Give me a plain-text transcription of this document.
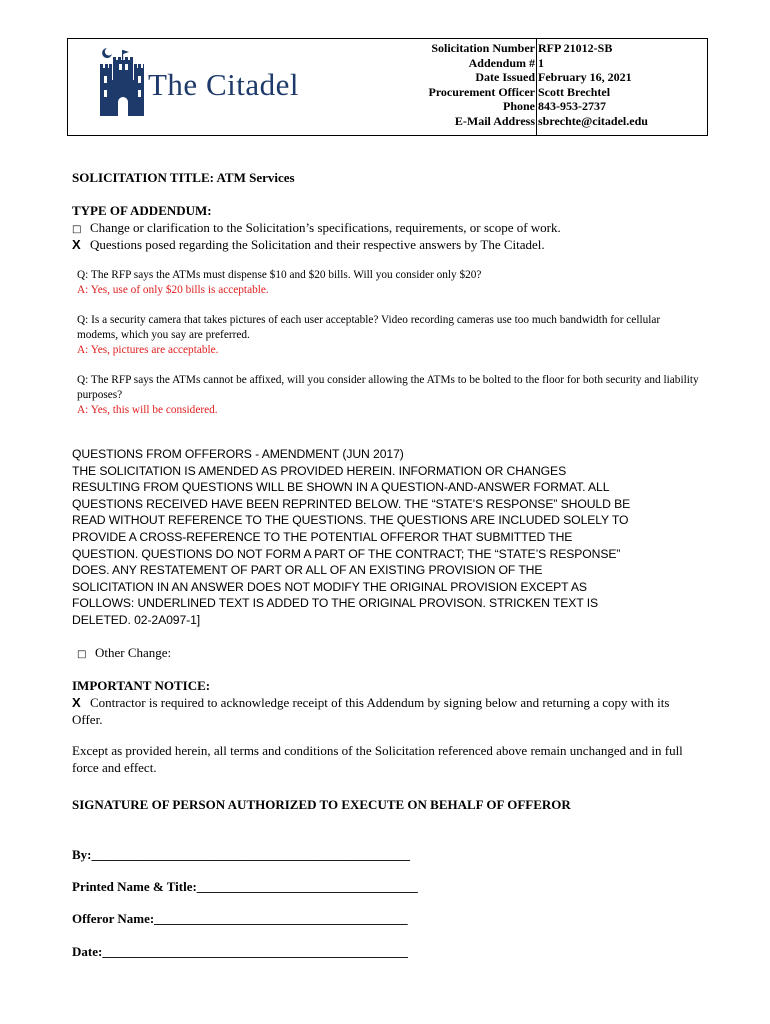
The Citadel
Solicitation Number
Addendum #
Date Issued
Procurement Officer
Phone
E-Mail Address
RFP 21012-SB
1
February 16, 2021
Scott Brechtel
843-953-2737
sbrechte@citadel.edu
SOLICITATION TITLE: ATM Services
TYPE OF ADDENDUM:
□ Change or clarification to the Solicitation’s specifications, requirements, or scope of work.
X Questions posed regarding the Solicitation and their respective answers by The Citadel.
Q: The RFP says the ATMs must dispense $10 and $20 bills. Will you consider only $20?
A: Yes, use of only $20 bills is acceptable.
Q: Is a security camera that takes pictures of each user acceptable? Video recording cameras use too much bandwidth for cellular modems, which you say are preferred.
A: Yes, pictures are acceptable.
Q: The RFP says the ATMs cannot be affixed, will you consider allowing the ATMs to be bolted to the floor for both security and liability purposes?
A: Yes, this will be considered.
QUESTIONS FROM OFFERORS - AMENDMENT (JUN 2017)
THE SOLICITATION IS AMENDED AS PROVIDED HEREIN. INFORMATION OR CHANGES
RESULTING FROM QUESTIONS WILL BE SHOWN IN A QUESTION-AND-ANSWER FORMAT. ALL
QUESTIONS RECEIVED HAVE BEEN REPRINTED BELOW. THE “STATE’S RESPONSE” SHOULD BE
READ WITHOUT REFERENCE TO THE QUESTIONS. THE QUESTIONS ARE INCLUDED SOLELY TO
PROVIDE A CROSS-REFERENCE TO THE POTENTIAL OFFEROR THAT SUBMITTED THE
QUESTION. QUESTIONS DO NOT FORM A PART OF THE CONTRACT; THE “STATE’S RESPONSE”
DOES. ANY RESTATEMENT OF PART OR ALL OF AN EXISTING PROVISION OF THE
SOLICITATION IN AN ANSWER DOES NOT MODIFY THE ORIGINAL PROVISION EXCEPT AS
FOLLOWS: UNDERLINED TEXT IS ADDED TO THE ORIGINAL PROVISON. STRICKEN TEXT IS
DELETED. 02-2A097-1]
□ Other Change:
IMPORTANT NOTICE:
X Contractor is required to acknowledge receipt of this Addendum by signing below and returning a copy with its Offer.
Except as provided herein, all terms and conditions of the Solicitation referenced above remain unchanged and in full force and effect.
SIGNATURE OF PERSON AUTHORIZED TO EXECUTE ON BEHALF OF OFFEROR
By:_________________________________________________
Printed Name & Title:__________________________________
Offeror Name:_______________________________________
Date:_______________________________________________
